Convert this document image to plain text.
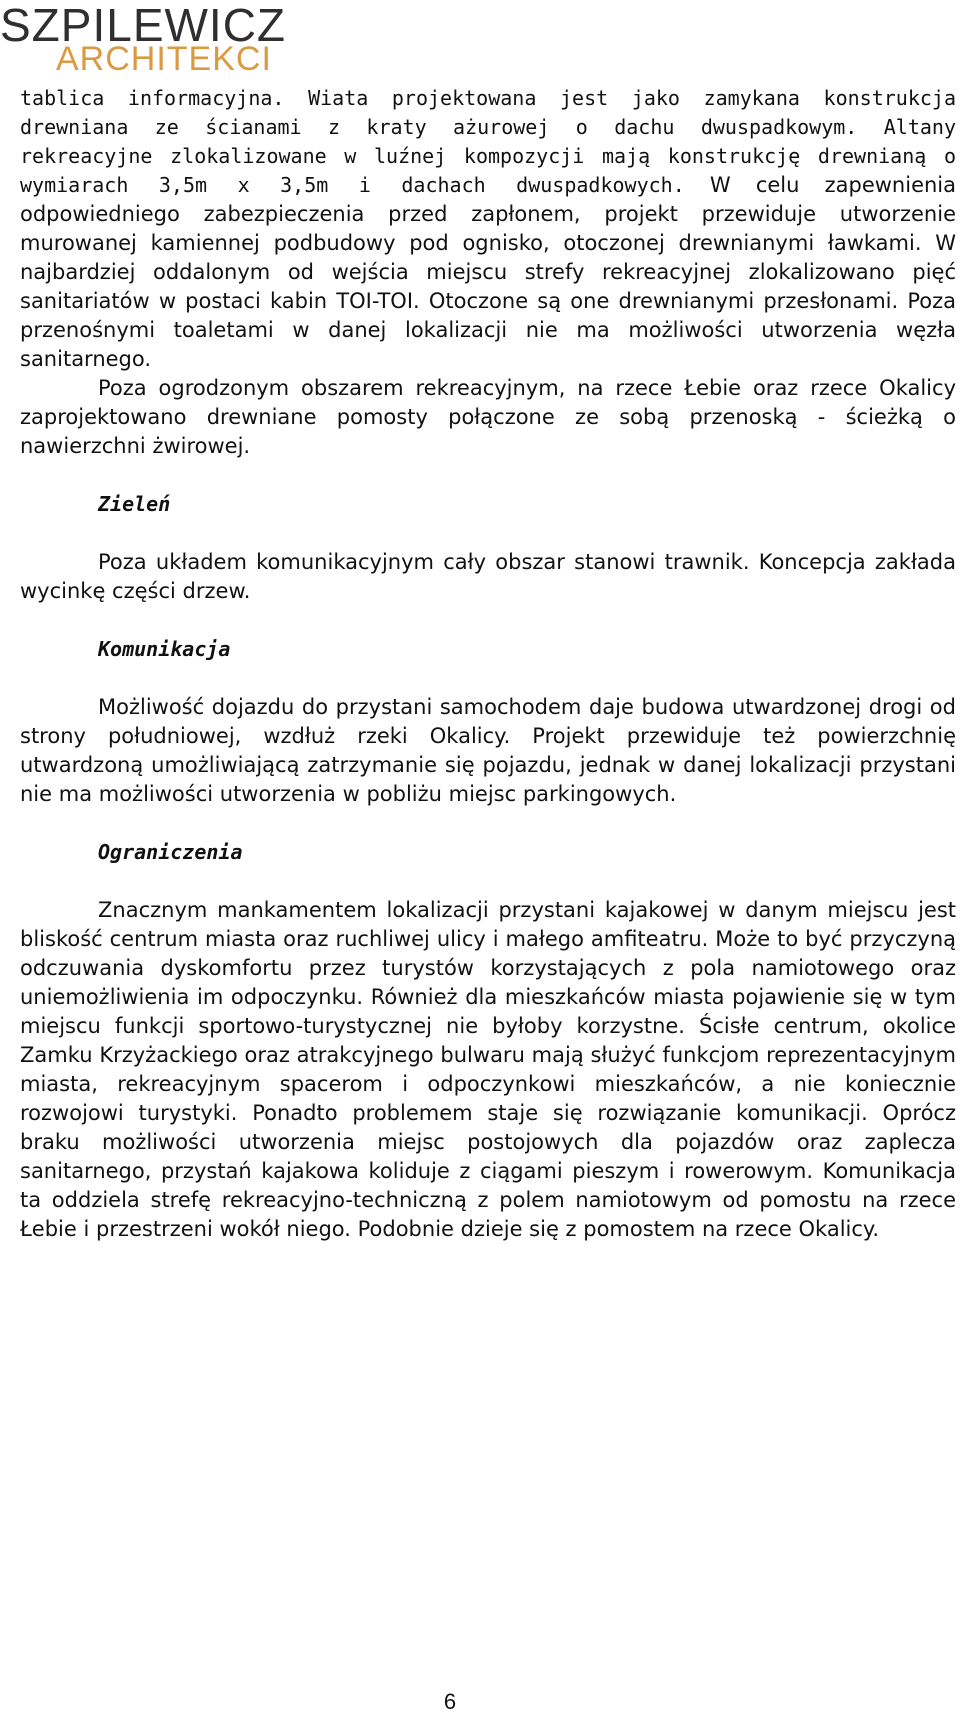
SZPILEWICZ
ARCHITEKCI

tablica informacyjna. Wiata projektowana jest jako zamykana konstrukcja drewniana ze ścianami z kraty ażurowej o dachu dwuspadkowym. Altany rekreacyjne zlokalizowane w luźnej kompozycji mają konstrukcję drewnianą o wymiarach 3,5m x 3,5m i dachach dwuspadkowych. W celu zapewnienia odpowiedniego zabezpieczenia przed zapłonem, projekt przewiduje utworzenie murowanej kamiennej podbudowy pod ognisko, otoczonej drewnianymi ławkami. W najbardziej oddalonym od wejścia miejscu strefy rekreacyjnej zlokalizowano pięć sanitariatów w postaci kabin TOI-TOI. Otoczone są one drewnianymi przesłonami. Poza przenośnymi toaletami w danej lokalizacji nie ma możliwości utworzenia węzła sanitarnego.

Poza ogrodzonym obszarem rekreacyjnym, na rzece Łebie oraz rzece Okalicy zaprojektowano drewniane pomosty połączone ze sobą przenoską - ścieżką o nawierzchni żwirowej.

Zieleń

Poza układem komunikacyjnym cały obszar stanowi trawnik. Koncepcja zakłada wycinkę części drzew.

Komunikacja

Możliwość dojazdu do przystani samochodem daje budowa utwardzonej drogi od strony południowej, wzdłuż rzeki Okalicy. Projekt przewiduje też powierzchnię utwardzoną umożliwiającą zatrzymanie się pojazdu, jednak w danej lokalizacji przystani nie ma możliwości utworzenia w pobliżu miejsc parkingowych.

Ograniczenia

Znacznym mankamentem lokalizacji przystani kajakowej w danym miejscu jest bliskość centrum miasta oraz ruchliwej ulicy i małego amfiteatru. Może to być przyczyną odczuwania dyskomfortu przez turystów korzystających z pola namiotowego oraz uniemożliwienia im odpoczynku. Również dla mieszkańców miasta pojawienie się w tym miejscu funkcji sportowo-turystycznej nie byłoby korzystne. Ścisłe centrum, okolice Zamku Krzyżackiego oraz atrakcyjnego bulwaru mają służyć funkcjom reprezentacyjnym miasta, rekreacyjnym spacerom i odpoczynkowi mieszkańców, a nie koniecznie rozwojowi turystyki. Ponadto problemem staje się rozwiązanie komunikacji. Oprócz braku możliwości utworzenia miejsc postojowych dla pojazdów oraz zaplecza sanitarnego, przystań kajakowa koliduje z ciągami pieszym i rowerowym. Komunikacja ta oddziela strefę rekreacyjno-techniczną z polem namiotowym od pomostu na rzece Łebie i przestrzeni wokół niego. Podobnie dzieje się z pomostem na rzece Okalicy.

6
